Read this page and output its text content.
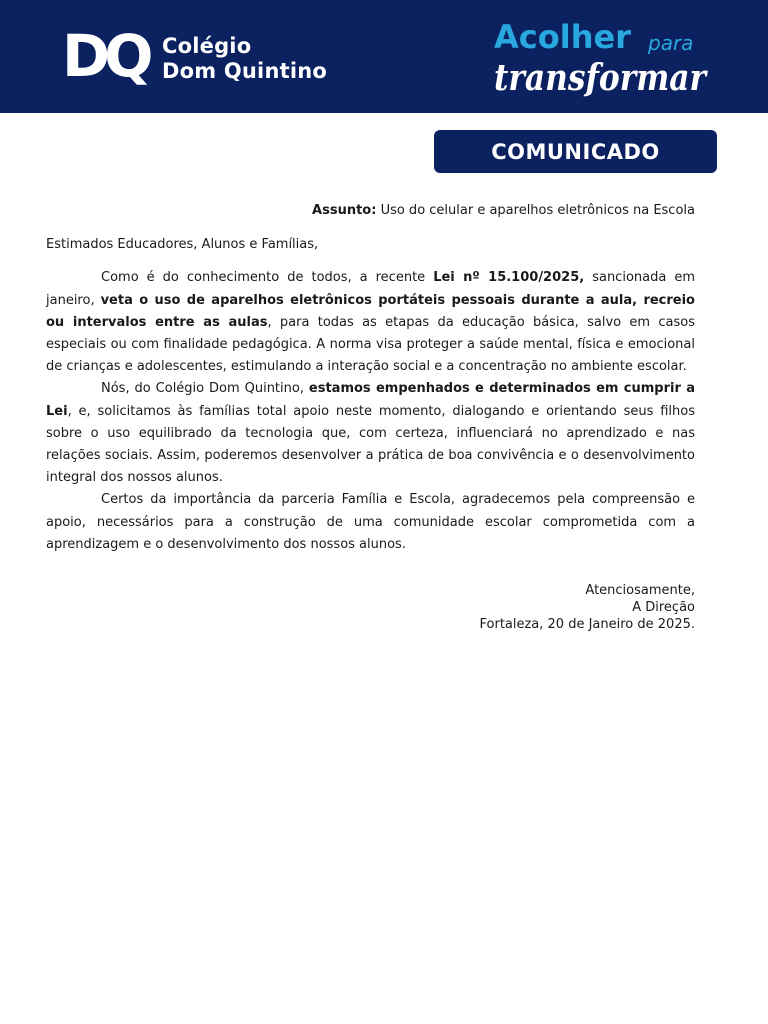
DQ Colégio
Dom Quintino
Acolher para
transformar
COMUNICADO

Assunto: Uso do celular e aparelhos eletrônicos na Escola

Estimados Educadores, Alunos e Famílias,

Como é do conhecimento de todos, a recente Lei nº 15.100/2025, sancionada em janeiro, veta o uso de aparelhos eletrônicos portáteis pessoais durante a aula, recreio ou intervalos entre as aulas, para todas as etapas da educação básica, salvo em casos especiais ou com finalidade pedagógica. A norma visa proteger a saúde mental, física e emocional de crianças e adolescentes, estimulando a interação social e a concentração no ambiente escolar.

Nós, do Colégio Dom Quintino, estamos empenhados e determinados em cumprir a Lei, e, solicitamos às famílias total apoio neste momento, dialogando e orientando seus filhos sobre o uso equilibrado da tecnologia que, com certeza, influenciará no aprendizado e nas relações sociais. Assim, poderemos desenvolver a prática de boa convivência e o desenvolvimento integral dos nossos alunos.

Certos da importância da parceria Família e Escola, agradecemos pela compreensão e apoio, necessários para a construção de uma comunidade escolar comprometida com a aprendizagem e o desenvolvimento dos nossos alunos.

Atenciosamente,
A Direção
Fortaleza, 20 de Janeiro de 2025.
